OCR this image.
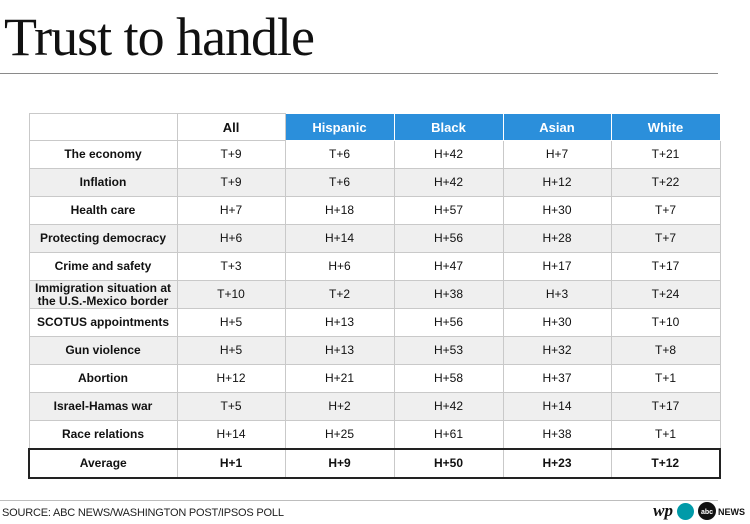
Trust to handle
	All	Hispanic	Black	Asian	White
The economy	T+9	T+6	H+42	H+7	T+21
Inflation	T+9	T+6	H+42	H+12	T+22
Health care	H+7	H+18	H+57	H+30	T+7
Protecting democracy	H+6	H+14	H+56	H+28	T+7
Crime and safety	T+3	H+6	H+47	H+17	T+17
Immigration situation at the U.S.-Mexico border	T+10	T+2	H+38	H+3	T+24
SCOTUS appointments	H+5	H+13	H+56	H+30	T+10
Gun violence	H+5	H+13	H+53	H+32	T+8
Abortion	H+12	H+21	H+58	H+37	T+1
Israel-Hamas war	T+5	H+2	H+42	H+14	T+17
Race relations	H+14	H+25	H+61	H+38	T+1
Average	H+1	H+9	H+50	H+23	T+12
SOURCE: ABC NEWS/WASHINGTON POST/IPSOS POLL	wp	abc NEWS
